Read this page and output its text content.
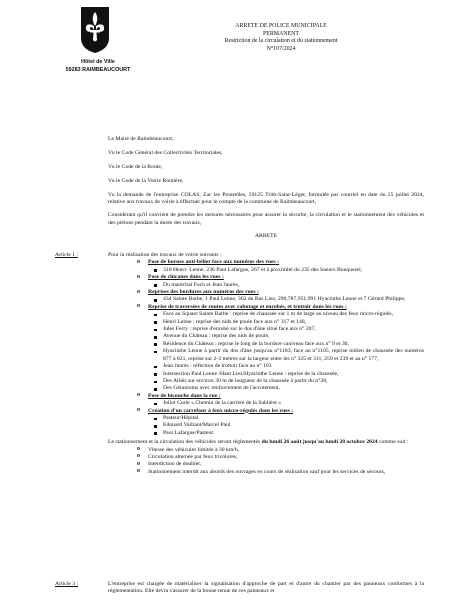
Hôtel de Ville
59283 RAIMBEAUCOURT
ARRETE DE POLICE MUNICIPALE
PERMANENT
Restriction de la circulation et du stationnement
N°107/2024

Le Maire de Raimbeaucourt,

Vu le Code Général des Collectivités Territoriales,

Vu le Code de la Route,

Vu le Code de la Voirie Routière,

Vu la demande de l'entreprise COLAS, Zac les Poutrelles, 59125 Trith-Saint-Léger, formulée par courriel en date du 25 juillet 2024, relative aux travaux de voirie à effectuer pour le compte de la commune de Raimbeaucourt,

Considérant qu'il convient de prendre les mesures nécessaires pour assurer la sécurité, la circulation et le stationnement des véhicules et des piétons pendant la durée des travaux,

ARRETE
Article 1 :	Pour la réalisation des travaux de voirie suivants :
o Pose de bornes anti-bélier face aux numéros des rues :
310 Henri- Lenne, 236 Paul Lafargue, 267 et à proximité du 235 des Soeurs Bouquerel,
o Pose de chicanes dans les rues :
Du maréchal Foch et Jean Jaurès,
o Reprises des bordures aux numéros des rues :
434 Sainte Barbe, 1 Paul Lenne, 362 du Bas Liez, 290,787,951,991 Hyacinthe Lenne et 7 Gérard Philippe,
o Reprise de traversées de routes avec rabotage et enrobés, et trottoir dans les rues :
Face au Square Sainte Barbe : reprise de chaussée sur 1 m de large au niveau des feux micro-régulés,
Henri Lenne : reprise des nids de poule face aux n° 317 et 148,
Jules Ferry : reprise d'enrobé sur le dos d'âne situé face aux n° 207,
Avenue du Château : reprise des nids de poule,
Résidence du Château : reprise le long de la bordure caniveau face aux n° 9 et 30,
Hyacinthe Lenne à partir du dos d'âne jusqu'au n°1183, face au n°1105, reprise milieu de chaussée des numéros 877 à 821, reprise sur 2-3 mètres sur la largeur entre les n° 325 et 311, 259 et 239 et au n° 177,
Jean Jaurès : réfection de trottoir face au n° 103
Intersection Paul Lenne /Haut Liez/Hyacinthe Lenne : reprise de la chaussée,
Des Alliés sur environ 30 m de longueur de la chaussée à partir du n°28,
Des Géraniums avec renforcement de l'accotement,
o Pose de bicouche dans la rue :
Joliot Curie « Chemin de la carrière de la Sablière »
o Création d'un carrefour à feux micro-régulés dans les rues :
Pasteur/Hôpital
Edouard Vaillant/Marcel Paul
Paul Lafargue/Pasteur.
Le stationnement et la circulation des véhicules seront réglementés du lundi 26 août jusqu'au lundi 28 octobre 2024 comme suit :
o Vitesse des véhicules limitée à 30 km/h,
o Circulation alternée par feux tricolores,
o Interdiction de doubler,
o Stationnement interdit aux abords des ouvrages en cours de réalisation sauf pour les services de secours,
Article 3 :	L'entreprise est chargée de matérialiser la signalisation d'approche de part et d'autre du chantier par des panneaux conformes à la réglementation. Elle devra s'assurer de la bonne tenue de ces panneaux et
